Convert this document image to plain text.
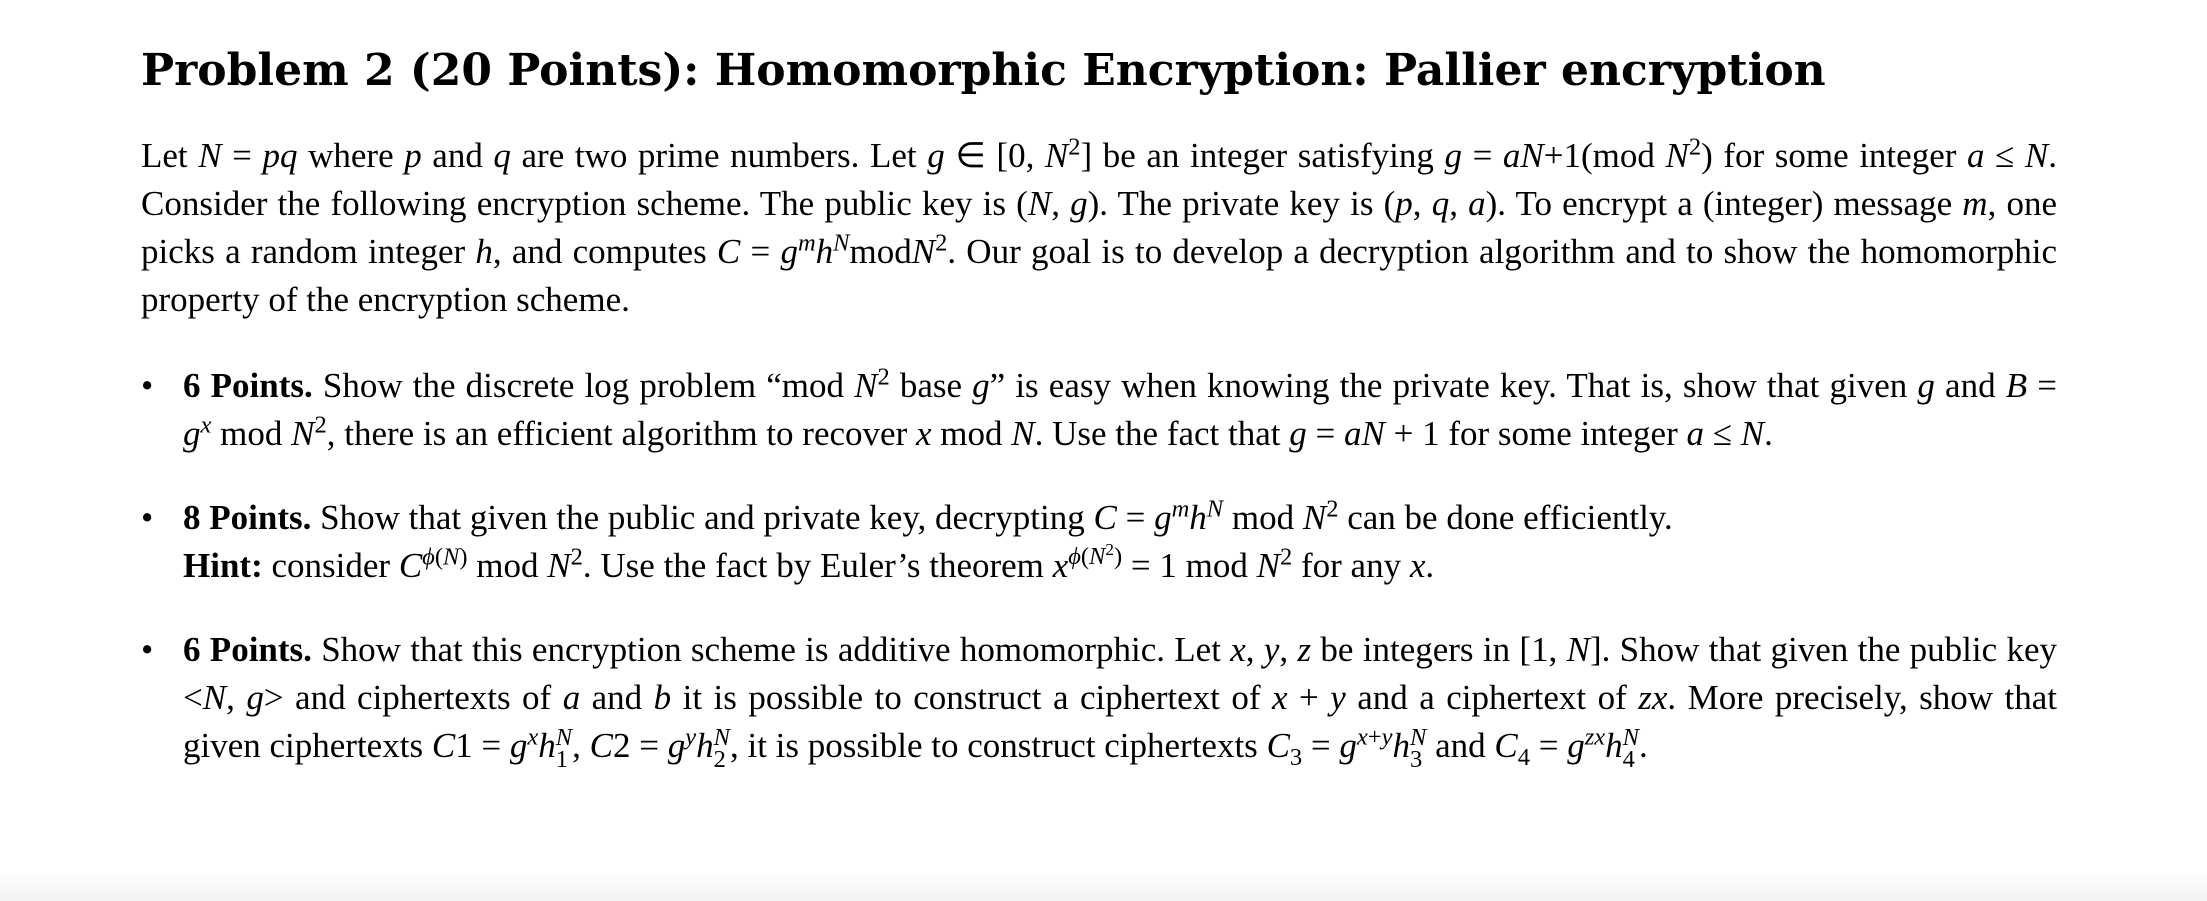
Problem 2 (20 Points): Homomorphic Encryption: Pallier encryption

Let N = pq where p and q are two prime numbers. Let g ∈ [0, $N^2$] be an integer satisfying g = aN+1(mod $N^2$) for some integer a ≤ N. Consider the following encryption scheme. The public key is (N, g). The private key is (p, q, a). To encrypt a (integer) message m, one picks a random integer h, and computes $C = g^mh^NmodN^2$. Our goal is to develop a decryption algorithm and to show the homomorphic property of the encryption scheme.

• 6 Points. Show the discrete log problem “mod $N^2$ base g” is easy when knowing the private key. That is, show that given g and $B = g^x$ mod $N^2$, there is an efficient algorithm to recover x mod N. Use the fact that g = aN + 1 for some integer a ≤ N.
• 8 Points. Show that given the public and private key, decrypting $C = g^mh^N$ mod $N^2$ can be done efficiently.
Hint: consider $C^{\phi(N)}$ mod $N^2$. Use the fact by Euler’s theorem $x^{\phi(N^2)} = 1$ mod $N^2$ for any x.
• 6 Points. Show that this encryption scheme is additive homomorphic. Let x, y, z be integers in [1, N]. Show that given the public key <N, g> and ciphertexts of a and b it is possible to construct a ciphertext of x + y and a ciphertext of zx. More precisely, show that given ciphertexts $C1 = g^xh$ N
1 , $C2 = g^yh$ N
2 , it is possible to construct ciphertexts $C_3 = g^{x+y}h$ N
3 and $C_4 = g^{zx}h$ N
4 .
